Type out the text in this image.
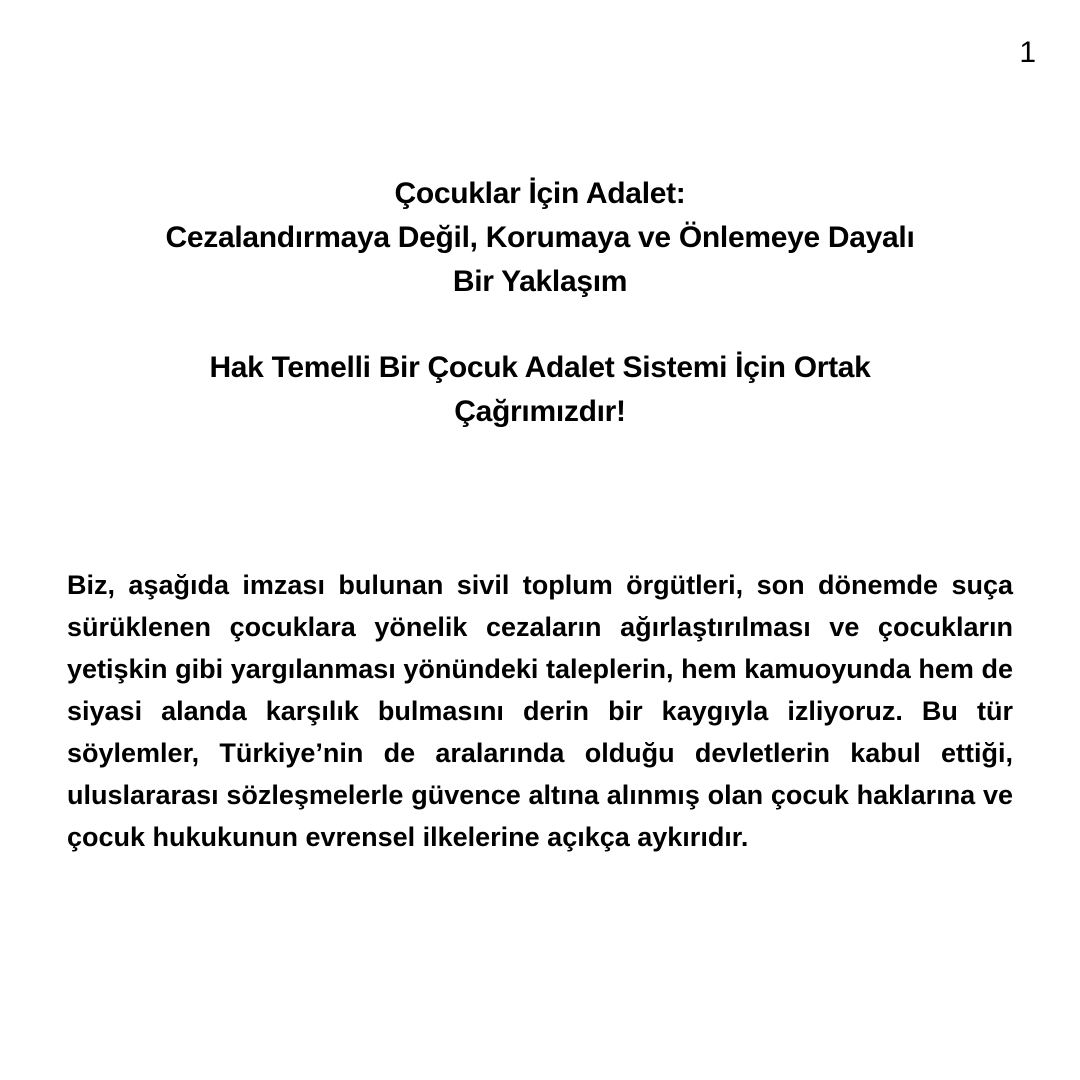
1
Çocuklar İçin Adalet:
Cezalandırmaya Değil, Korumaya ve Önlemeye Dayalı
Bir Yaklaşım
Hak Temelli Bir Çocuk Adalet Sistemi İçin Ortak
Çağrımızdır!

Biz, aşağıda imzası bulunan sivil toplum örgütleri, son dönemde suça sürüklenen çocuklara yönelik cezaların ağırlaştırılması ve çocukların yetişkin gibi yargılanması yönündeki taleplerin, hem kamuoyunda hem de siyasi alanda karşılık bulmasını derin bir kaygıyla izliyoruz. Bu tür söylemler, Türkiye’nin de aralarında olduğu devletlerin kabul ettiği, uluslararası sözleşmelerle güvence altına alınmış olan çocuk haklarına ve çocuk hukukunun evrensel ilkelerine açıkça aykırıdır.
